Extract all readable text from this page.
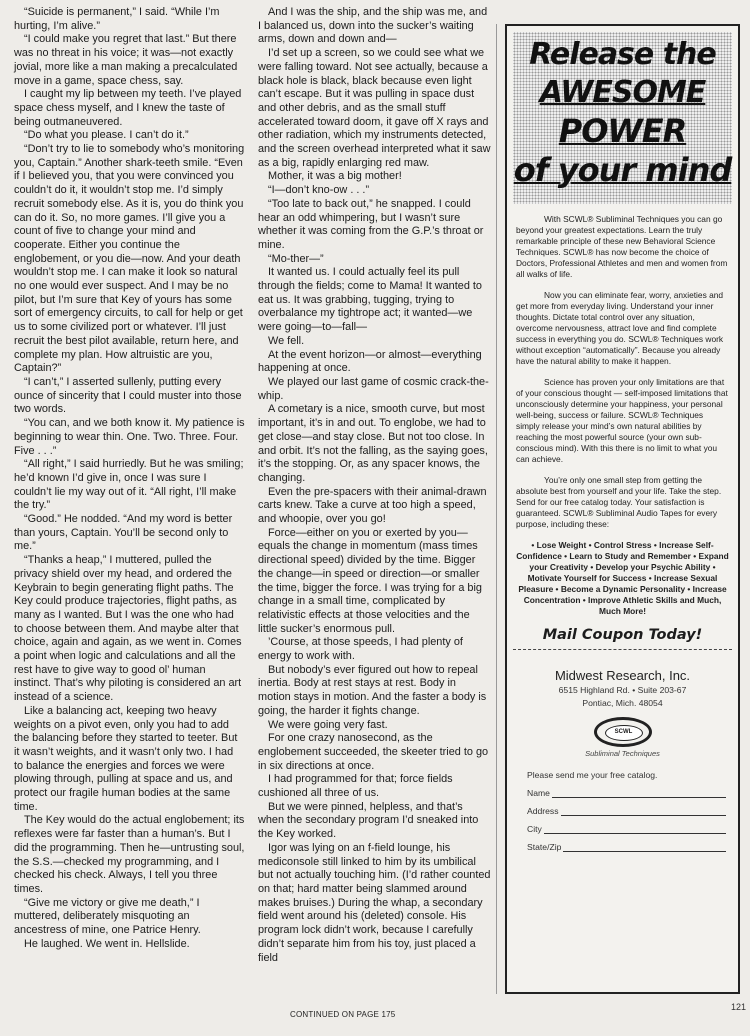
“Suicide is permanent,” I said. “While I’m hurting, I’m alive.”

“I could make you regret that last.” But there was no threat in his voice; it was—not exactly jovial, more like a man making a precalculated move in a game, space chess, say.

I caught my lip between my teeth. I’ve played space chess myself, and I knew the taste of being outmaneuvered.

“Do what you please. I can’t do it.”

“Don’t try to lie to somebody who’s monitoring you, Captain.” Another shark-teeth smile. “Even if I believed you, that you were convinced you couldn’t do it, it wouldn’t stop me. I’d simply recruit somebody else. As it is, you do think you can do it. So, no more games. I’ll give you a count of five to change your mind and cooperate. Either you continue the englobement, or you die—now. And your death wouldn’t stop me. I can make it look so natural no one would ever suspect. And I may be no pilot, but I’m sure that Key of yours has some sort of emergency circuits, to call for help or get us to some civilized port or whatever. I’ll just recruit the best pilot available, return here, and complete my plan. How altruistic are you, Captain?”

“I can’t,” I asserted sullenly, putting every ounce of sincerity that I could muster into those two words.

“You can, and we both know it. My patience is beginning to wear thin. One. Two. Three. Four. Five . . .”

“All right,” I said hurriedly. But he was smiling; he’d known I’d give in, once I was sure I couldn’t lie my way out of it. “All right, I’ll make the try.”

“Good.” He nodded. “And my word is better than yours, Captain. You’ll be second only to me.”

“Thanks a heap,” I muttered, pulled the privacy shield over my head, and ordered the Keybrain to begin generating flight paths. The Key could produce trajectories, flight paths, as many as I wanted. But I was the one who had to choose between them. And maybe alter that choice, again and again, as we went in. Comes a point when logic and calculations and all the rest have to give way to good ol’ human instinct. That’s why piloting is considered an art instead of a science.

Like a balancing act, keeping two heavy weights on a pivot even, only you had to add the balancing before they started to teeter. But it wasn’t weights, and it wasn’t only two. I had to balance the energies and forces we were plowing through, pulling at space and us, and protect our fragile human bodies at the same time.

The Key would do the actual englobement; its reflexes were far faster than a human’s. But I did the programming. Then he—untrusting soul, the S.S.—checked my programming, and I checked his check. Always, I tell you three times.

“Give me victory or give me death,” I muttered, deliberately misquoting an ancestress of mine, one Patrice Henry.

He laughed. We went in. Hellslide.

And I was the ship, and the ship was me, and I balanced us, down into the sucker’s waiting arms, down and down and—

I’d set up a screen, so we could see what we were falling toward. Not see actually, because a black hole is black, black because even light can’t escape. But it was pulling in space dust and other debris, and as the small stuff accelerated toward doom, it gave off X rays and other radiation, which my instruments detected, and the screen overhead interpreted what it saw as a big, rapidly enlarging red maw.

Mother, it was a big mother!

“I—don’t kno-ow . . .”

“Too late to back out,” he snapped. I could hear an odd whimpering, but I wasn’t sure whether it was coming from the G.P.’s throat or mine.

“Mo-ther—”

It wanted us. I could actually feel its pull through the fields; come to Mama! It wanted to eat us. It was grabbing, tugging, trying to overbalance my tightrope act; it wanted—we were going—to—fall—

We fell.

At the event horizon—or almost—everything happening at once.

We played our last game of cosmic crack-the-whip.

A cometary is a nice, smooth curve, but most important, it’s in and out. To englobe, we had to get close—and stay close. But not too close. In and orbit. It’s not the falling, as the saying goes, it’s the stopping. Or, as any spacer knows, the changing.

Even the pre-spacers with their animal-drawn carts knew. Take a curve at too high a speed, and whoopie, over you go!

Force—either on you or exerted by you—equals the change in momentum (mass times directional speed) divided by the time. Bigger the change—in speed or direction—or smaller the time, bigger the force. I was trying for a big change in a small time, complicated by relativistic effects at those velocities and the little sucker’s enormous pull.

’Course, at those speeds, I had plenty of energy to work with.

But nobody’s ever figured out how to repeal inertia. Body at rest stays at rest. Body in motion stays in motion. And the faster a body is going, the harder it fights change.

We were going very fast.

For one crazy nanosecond, as the englobement succeeded, the skeeter tried to go in six directions at once.

I had programmed for that; force fields cushioned all three of us.

But we were pinned, helpless, and that’s when the secondary program I’d sneaked into the Key worked.

Igor was lying on an f-field lounge, his mediconsole still linked to him by its umbilical but not actually touching him. (I’d rather counted on that; hard matter being slammed around makes bruises.) During the whap, a secondary field went around his (deleted) console. His program lock didn’t work, because I carefully didn’t separate him from his toy, just placed a field

CONTINUED ON PAGE 175
121
Release the
AWESOME
POWER
of your mind

With SCWL® Subliminal Techniques you can go beyond your greatest expectations. Learn the truly remarkable principle of these new Behavioral Science Techniques. SCWL® has now become the choice of Doctors, Professional Athletes and men and women from all walks of life.

Now you can eliminate fear, worry, anxieties and get more from everyday living. Understand your inner thoughts. Dictate total control over any situation, overcome nervousness, attract love and find complete success in everything you do. SCWL® Techniques work without exception “automatically”. Because you already have the natural ability to make it happen.

Science has proven your only limitations are that of your conscious thought — self-imposed limitations that unconsciously determine your happiness, your personal well-being, success or failure. SCWL® Techniques simply release your mind’s own natural abilities by reaching the most powerful source (your own sub-conscious mind). With this there is no limit to what you can achieve.

You’re only one small step from getting the absolute best from yourself and your life. Take the step. Send for our free catalog today. Your satisfaction is guaranteed. SCWL® Subliminal Audio Tapes for every purpose, including these:

• Lose Weight • Control Stress • Increase Self-Confidence • Learn to Study and Remember • Expand your Creativity • Develop your Psychic Ability • Motivate Yourself for Success • Increase Sexual Pleasure • Become a Dynamic Personality • Increase Concentration • Improve Athletic Skills and Much, Much More!

Mail Coupon Today!
Midwest Research, Inc.
6515 Highland Rd. • Suite 203-67
Pontiac, Mich. 48054
SCWL
Subliminal Techniques
Please send me your free catalog.
Name
Address
City
State/Zip
